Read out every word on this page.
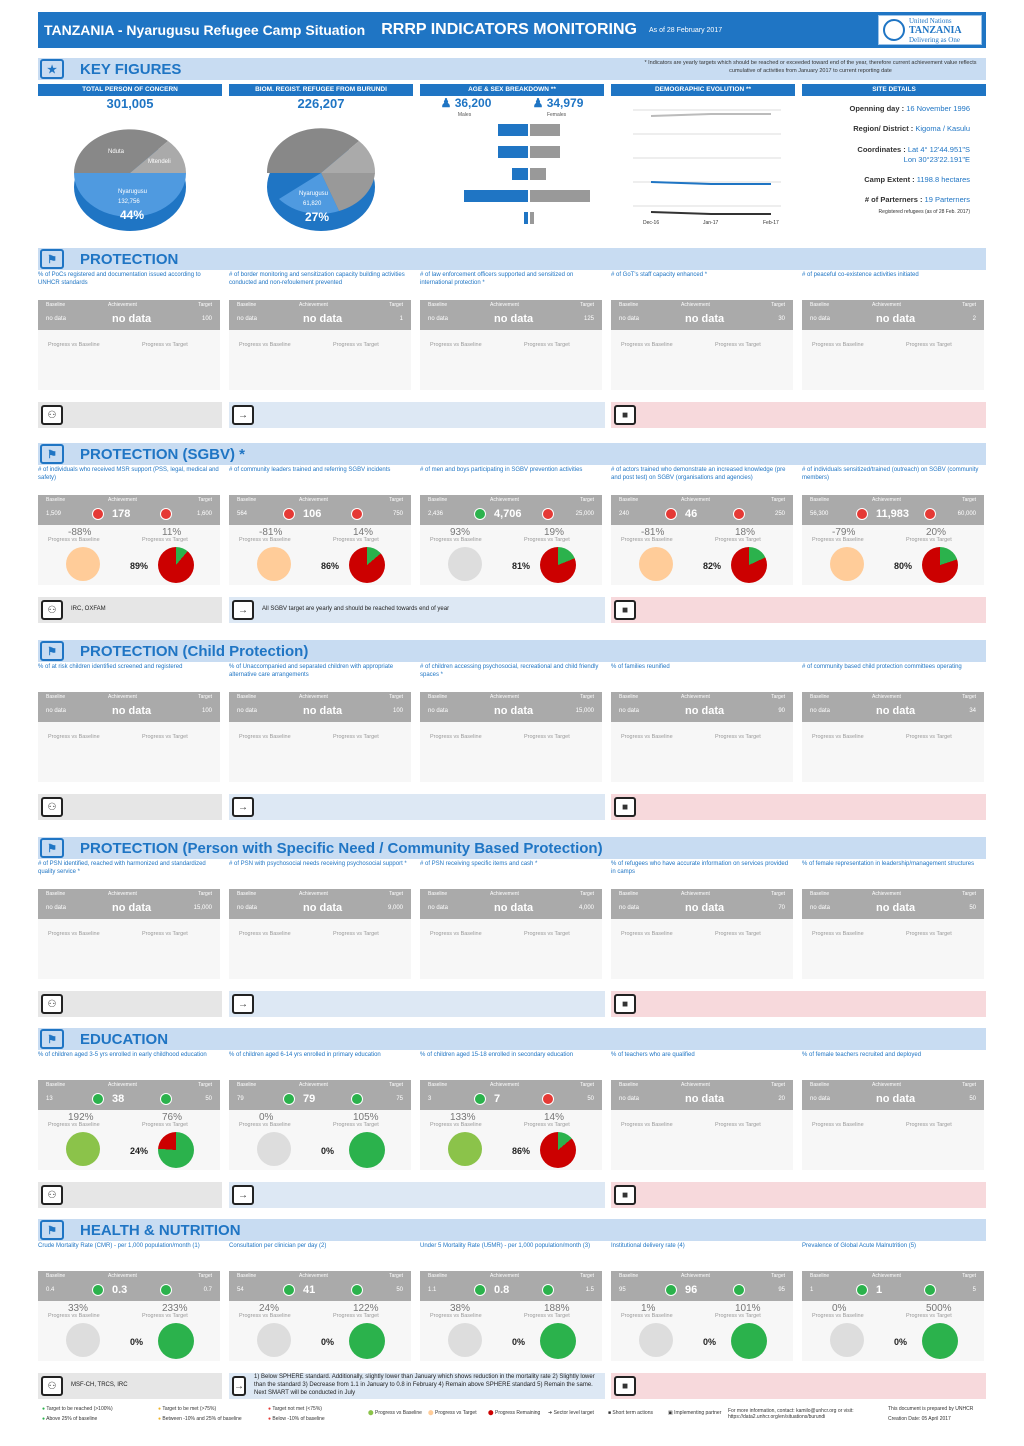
TANZANIA - Nyarugusu Refugee Camp Situation RRRP INDICATORS MONITORING As of 28 February 2017
United Nations
TANZANIA
Delivering as One
★	KEY FIGURES	* Indicators are yearly targets which should be reached or exceeded toward end of the year, therefore current achievement value reflects cumulative of activities from January 2017 to current reporting date
TOTAL PERSON OF CONCERN
301,005
Nduta
Mtendeli
Nyarugusu
132,756
44%
BIOM. REGIST. REFUGEE FROM BURUNDI
226,207
Nyarugusu
61,820
27%
AGE & SEX BREAKDOWN **
♟ 36,200	♟ 34,979
Males	Females
DEMOGRAPHIC EVOLUTION **
Dec-16	Jan-17	Feb-17
SITE DETAILS
Openning day : 16 November 1996

Region/ District : Kigoma / Kasulu

Coordinates : Lat 4° 12'44.951"S
Lon 30°23'22.191"E

Camp Extent : 1198.8 hectares

# of Parterners : 19 Parterners
Registered refugees (as of 28 Feb. 2017)
⚑	PROTECTION
% of PoCs registered and documentation issued according to UNHCR standards
Baseline	Achievement	Target
no data	no data	100
Progress vs Baseline	Progress vs Target
# of border monitoring and sensitization capacity building activities conducted and non-refoulement prevented
Baseline	Achievement	Target
no data	no data	1
Progress vs Baseline	Progress vs Target
# of law enforcement officers supported and sensitized on international protection *
Baseline	Achievement	Target
no data	no data	125
Progress vs Baseline	Progress vs Target
# of GoT's staff capacity enhanced *
Baseline	Achievement	Target
no data	no data	30
Progress vs Baseline	Progress vs Target
# of peaceful co-existence activities initiated
Baseline	Achievement	Target
no data	no data	2
Progress vs Baseline	Progress vs Target
⚇	→	■
⚑	PROTECTION (SGBV) *
# of individuals who received MSR support (PSS, legal, medical and safety)
Baseline	Achievement	Target
1,509	178	1,600
-88%	11%
Progress vs Baseline	Progress vs Target
89%
# of community leaders trained and referring SGBV incidents
Baseline	Achievement	Target
564	106	750
-81%	14%
Progress vs Baseline	Progress vs Target
86%
# of men and boys participating in SGBV prevention activities
Baseline	Achievement	Target
2,436	4,706	25,000
93%	19%
Progress vs Baseline	Progress vs Target
81%
# of actors trained who demonstrate an increased knowledge (pre and post test) on SGBV (organisations and agencies)
Baseline	Achievement	Target
240	46	250
-81%	18%
Progress vs Baseline	Progress vs Target
82%
# of individuals sensitized/trained (outreach) on SGBV (community members)
Baseline	Achievement	Target
56,300	11,983	60,000
-79%	20%
Progress vs Baseline	Progress vs Target
80%
⚇	IRC, OXFAM	→	All SGBV target are yearly and should be reached towards end of year	■
⚑	PROTECTION (Child Protection)
% of at risk children identified screened and registered
Baseline	Achievement	Target
no data	no data	100
Progress vs Baseline	Progress vs Target
% of Unaccompanied and separated children with appropriate alternative care arrangements
Baseline	Achievement	Target
no data	no data	100
Progress vs Baseline	Progress vs Target
# of children accessing psychosocial, recreational and child friendly spaces *
Baseline	Achievement	Target
no data	no data	15,000
Progress vs Baseline	Progress vs Target
% of families reunified
Baseline	Achievement	Target
no data	no data	90
Progress vs Baseline	Progress vs Target
# of community based child protection committees operating
Baseline	Achievement	Target
no data	no data	34
Progress vs Baseline	Progress vs Target
⚇	→	■
⚑	PROTECTION (Person with Specific Need / Community Based Protection)
# of PSN identified, reached with harmonized and standardized quality service *
Baseline	Achievement	Target
no data	no data	15,000
Progress vs Baseline	Progress vs Target
# of PSN with psychosocial needs receiving psychosocial support *
Baseline	Achievement	Target
no data	no data	9,000
Progress vs Baseline	Progress vs Target
# of PSN receiving specific items and cash *
Baseline	Achievement	Target
no data	no data	4,000
Progress vs Baseline	Progress vs Target
% of refugees who have accurate information on services provided in camps
Baseline	Achievement	Target
no data	no data	70
Progress vs Baseline	Progress vs Target
% of female representation in leadership/management structures
Baseline	Achievement	Target
no data	no data	50
Progress vs Baseline	Progress vs Target
⚇	→	■
⚑	EDUCATION
% of children aged 3-5 yrs enrolled in early childhood education
Baseline	Achievement	Target
13	38	50
192%	76%
Progress vs Baseline	Progress vs Target
24%
% of children aged 6-14 yrs enrolled in primary education
Baseline	Achievement	Target
79	79	75
0%	105%
Progress vs Baseline	Progress vs Target
0%
% of children aged 15-18 enrolled in secondary education
Baseline	Achievement	Target
3	7	50
133%	14%
Progress vs Baseline	Progress vs Target
86%
% of teachers who are qualified
Baseline	Achievement	Target
no data	no data	20
Progress vs Baseline	Progress vs Target
% of female teachers recruited and deployed
Baseline	Achievement	Target
no data	no data	50
Progress vs Baseline	Progress vs Target
⚇	→	■
⚑	HEALTH & NUTRITION
Crude Mortality Rate (CMR) - per 1,000 population/month (1)
Baseline	Achievement	Target
0.4	0.3	0.7
33%	233%
Progress vs Baseline	Progress vs Target
0%
Consultation per clinician per day (2)
Baseline	Achievement	Target
54	41	50
24%	122%
Progress vs Baseline	Progress vs Target
0%
Under 5 Mortality Rate (U5MR) - per 1,000 population/month (3)
Baseline	Achievement	Target
1.1	0.8	1.5
38%	188%
Progress vs Baseline	Progress vs Target
0%
Institutional delivery rate (4)
Baseline	Achievement	Target
95	96	95
1%	101%
Progress vs Baseline	Progress vs Target
0%
Prevalence of Global Acute Malnutrition (5)
Baseline	Achievement	Target
1	1	5
0%	500%
Progress vs Baseline	Progress vs Target
0%
⚇	MSF-CH, TRCS, IRC	→
1) Below SPHERE standard. Additionally, slightly lower than January which shows reduction in the mortality rate 2) Slightly lower than the standard 3) Decrease from 1.1 in January to 0.8 in February 4) Remain above SPHERE standard 5) Remain the same. Next SMART will be conducted in July
■
● Target to be reached (>100%)
● Above 25% of baseline
● Target to be met (>75%)
● Between -10% and 25% of baseline
● Target not met (<75%)
● Below -10% of baseline
⬤ Progress vs Baseline ⬤ Progress vs Target ⬤ Progress Remaining ➜ Sector level target	■ Short term actions	▣ Implementing partner For more information, contact: kamilo@unhcr.org or visit: https://data2.unhcr.org/en/situations/burundi
This document is prepared by UNHCR
Creation Date: 05 April 2017
